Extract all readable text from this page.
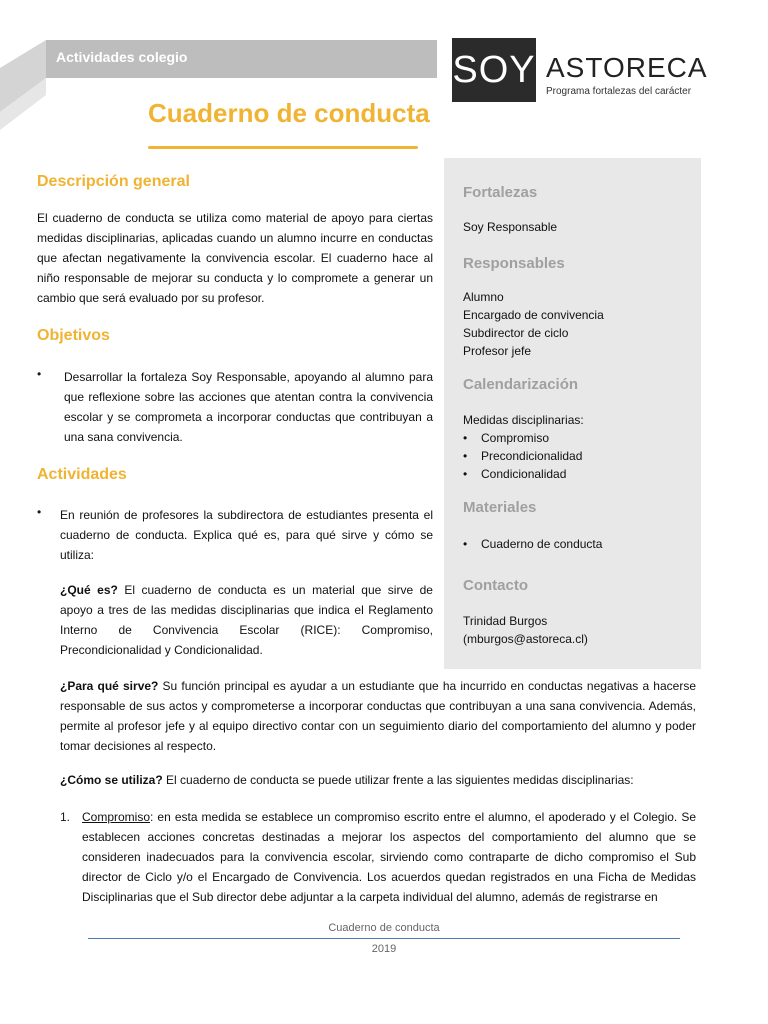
Actividades colegio	SOY ASTORECA
Programa fortalezas del carácter
Cuaderno de conducta
Fortalezas
Soy Responsable
Responsables
Alumno
Encargado de convivencia
Subdirector de ciclo
Profesor jefe
Calendarización
Medidas disciplinarias:
• Compromiso
• Precondicionalidad
• Condicionalidad
Materiales
• Cuaderno de conducta
Contacto
Trinidad Burgos
(mburgos@astoreca.cl)
Descripción general

El cuaderno de conducta se utiliza como material de apoyo para ciertas medidas disciplinarias, aplicadas cuando un alumno incurre en conductas que afectan negativamente la convivencia escolar. El cuaderno hace al niño responsable de mejorar su conducta y lo compromete a generar un cambio que será evaluado por su profesor.

Objetivos
• Desarrollar la fortaleza Soy Responsable, apoyando al alumno para que reflexione sobre las acciones que atentan contra la convivencia escolar y se comprometa a incorporar conductas que contribuyan a una sana convivencia.

Actividades
• En reunión de profesores la subdirectora de estudiantes presenta el cuaderno de conducta. Explica qué es, para qué sirve y cómo se utiliza:

¿Qué es? El cuaderno de conducta es un material que sirve de apoyo a tres de las medidas disciplinarias que indica el Reglamento Interno de Convivencia Escolar (RICE): Compromiso, Precondicionalidad y Condicionalidad.

¿Para qué sirve? Su función principal es ayudar a un estudiante que ha incurrido en conductas negativas a hacerse responsable de sus actos y comprometerse a incorporar conductas que contribuyan a una sana convivencia. Además, permite al profesor jefe y al equipo directivo contar con un seguimiento diario del comportamiento del alumno y poder tomar decisiones al respecto.

¿Cómo se utiliza? El cuaderno de conducta se puede utilizar frente a las siguientes medidas disciplinarias:

1. Compromiso: en esta medida se establece un compromiso escrito entre el alumno, el apoderado y el Colegio. Se establecen acciones concretas destinadas a mejorar los aspectos del comportamiento del alumno que se consideren inadecuados para la convivencia escolar, sirviendo como contraparte de dicho compromiso el Sub director de Ciclo y/o el Encargado de Convivencia. Los acuerdos quedan registrados en una Ficha de Medidas Disciplinarias que el Sub director debe adjuntar a la carpeta individual del alumno, además de registrarse en

Cuaderno de conducta
2019
